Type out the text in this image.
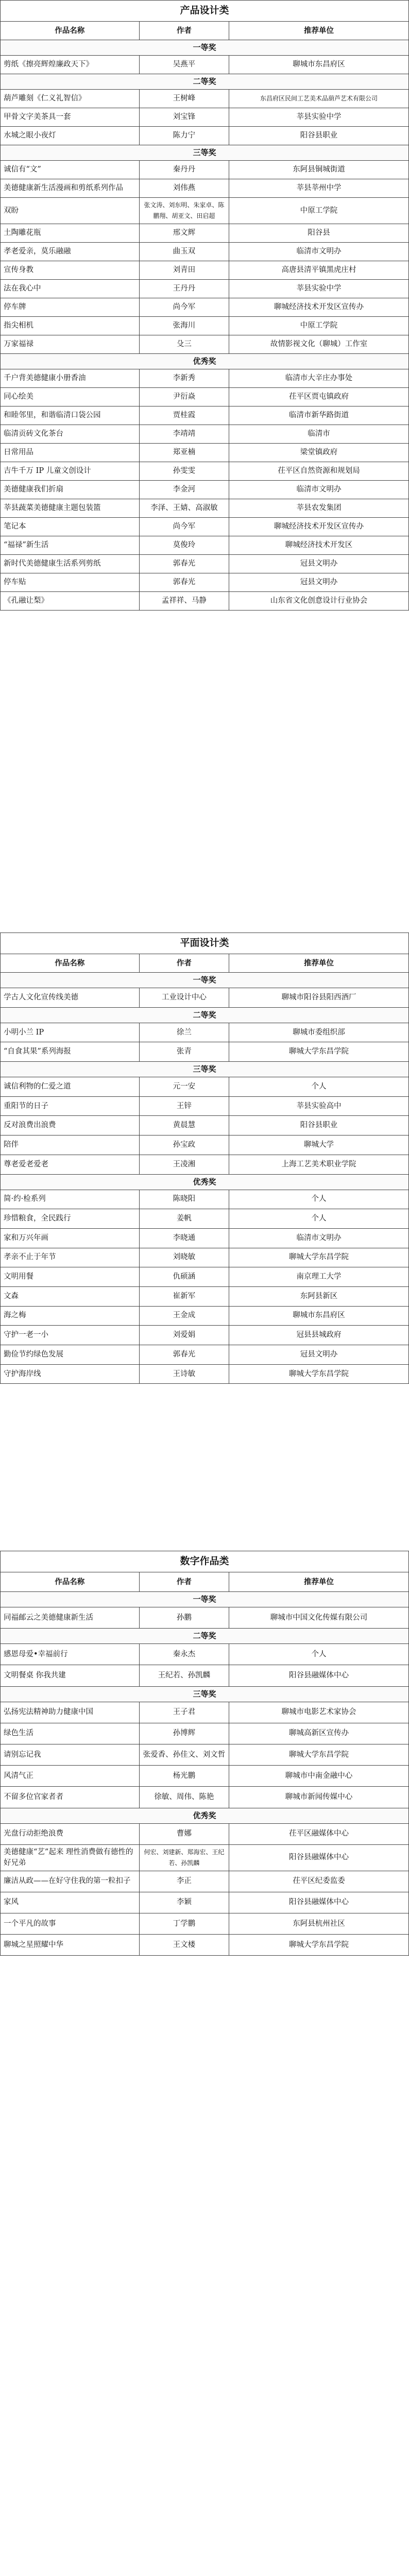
产品设计类
作品名称	作者	推荐单位
一等奖		
剪纸《擦亮辉煌廉政天下》	吴燕平	聊城市东昌府区
二等奖		
葫芦雕刻《仁义礼智信》	王树峰	东昌府区民间工艺美术品葫芦艺术有限公司
甲骨文字美茶具一套	刘宝锋	莘县实验中学
水城之眼小夜灯	陈力宁	阳谷县职业
三等奖		
诚信有“文”	秦丹丹	东阿县铜城街道
美德健康新生活漫画和剪纸系列作品	刘伟燕	莘县莘州中学
双盼	张文涛、刘东明、朱家卓、陈鹏翔、胡亚文、田启超	中原工学院
土陶雕花瓶	邢文辉	阳谷县
孝老爱亲，莫乐融融	曲玉双	临清市文明办
宣传身教	刘青田	高唐县清平镇黑虎庄村
法在我心中	王丹丹	莘县实验中学
停车牌	尚今军	聊城经济技术开发区宣传办
指尖相机	张海川	中原工学院
万家福禄	殳三	故情影视文化（聊城）工作室
优秀奖		
千户背美德健康小册香油	李新秀	临清市大辛庄办事处
同心绘美	尹衍焱	茌平区贾屯镇政府
和睦邻里，和谐临清口袋公园	贾桂霞	临清市新华路街道
临清贡砖文化茶台	李靖靖	临清市
日常用品	郑亚楠	梁堂镇政府
吉牛千万 IP 儿童文创设计	孙雯雯	茌平区自然资源和规划局
美德健康我们折扇	李金河	临清市文明办
莘县蔬菜美德健康主题包装篮	李泽、王婧、高淑敏	莘县农发集团
笔记本	尚今军	聊城经济技术开发区宣传办
“福禄”新生活	莫俊玲	聊城经济技术开发区
新时代美德健康生活系列剪纸	郭春光	冠县文明办
停车贴	郭春光	冠县文明办
《孔融让梨》	孟祥祥、马静	山东省文化创意设计行业协会
平面设计类
作品名称	作者	推荐单位
一等奖		
学古人文化宣传线美德	工业设计中心	聊城市阳谷县阳西酒厂
二等奖		
小明小兰 IP	徐兰	聊城市委组织部
“自食其果”系列海报	张青	聊城大学东昌学院
三等奖		
诚信利物的仁爱之道	元一安	个人
重阳节的日子	王锌	莘县实验高中
反对浪费出浪费	黄晨慧	阳谷县职业
陪伴	孙宝政	聊城大学
尊老爱老爱老	王凌湘	上海工艺美术职业学院
优秀奖		
简·约·检系列	陈晓阳	个人
珍惜粮食，全民践行	姜帆	个人
家和万兴年画	李晓通	临清市文明办
孝亲不止于年节	刘晓敏	聊城大学东昌学院
文明用餐	仇硕涵	南京理工大学
文森	崔新军	东阿县新区
海之梅	王金成	聊城市东昌府区
守护一老一小	刘爱娟	冠县县城政府
勤俭节约绿色发展	郭春光	冠县文明办
守护海岸线	王诗敏	聊城大学东昌学院
数字作品类
作品名称	作者	推荐单位
一等奖		
同福邮云之美德健康新生活	孙鹏	聊城市中国文化传媒有限公司
二等奖		
感恩母爱•幸福前行	秦永杰	个人
文明餐桌 你我共建	王纪若、孙凯麟	阳谷县融媒体中心
三等奖		
弘扬宪法精神助力健康中国	王子君	聊城市电影艺术家协会
绿色生活	孙博辉	聊城高新区宣传办
请别忘记我	张爱香、孙佳文、刘文哲	聊城大学东昌学院
风清气正	杨光鹏	聊城市中南金融中心
不留多位官家者者	徐敏、周伟、陈艳	聊城市新闻传媒中心
优秀奖		
光盘行动拒绝浪费	曹娜	茌平区融媒体中心
美德健康“艺”起来 理性消费做有德性的好兄弟	何宏、刘建新、郑海宏、王纪若、孙凯麟	阳谷县融媒体中心
廉洁从政——在好守住我的第一粒扣子	李正	茌平区纪委监委
家风	李颖	阳谷县融媒体中心
一个平凡的故事	丁学鹏	东阿县杭州社区
聊城之星照耀中华	王文楼	聊城大学东昌学院
